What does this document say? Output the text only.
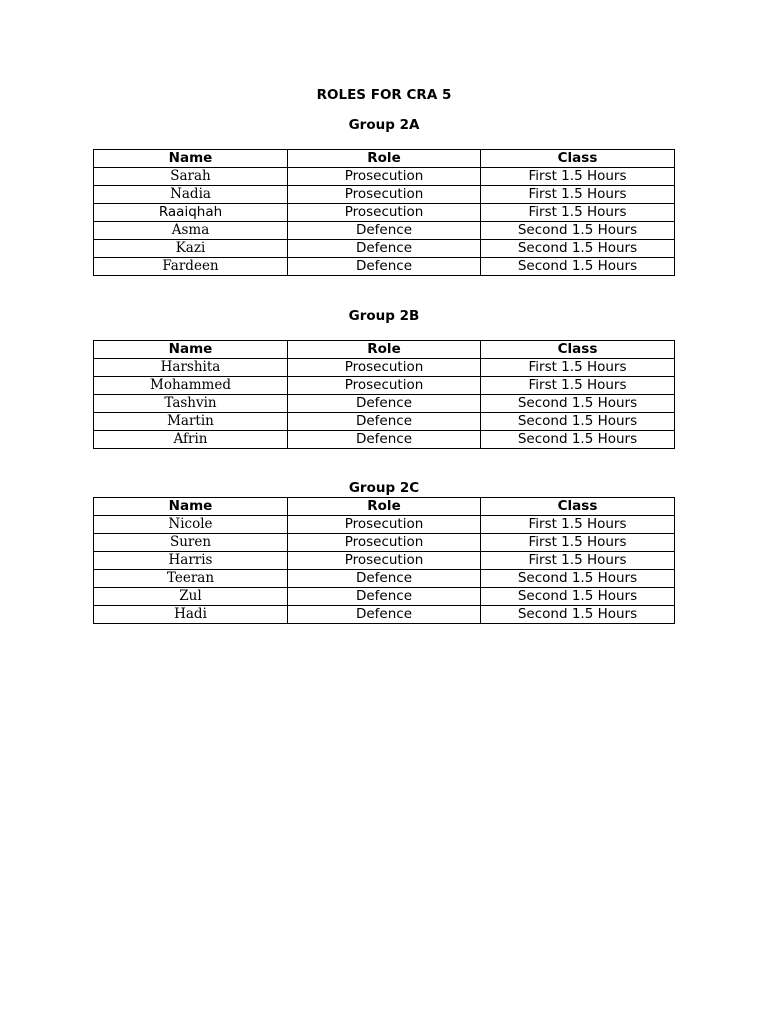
ROLES FOR CRA 5
Group 2A
Name	Role	Class
Sarah	Prosecution	First 1.5 Hours
Nadia	Prosecution	First 1.5 Hours
Raaiqhah	Prosecution	First 1.5 Hours
Asma	Defence	Second 1.5 Hours
Kazi	Defence	Second 1.5 Hours
Fardeen	Defence	Second 1.5 Hours
Group 2B
Name	Role	Class
Harshita	Prosecution	First 1.5 Hours
Mohammed	Prosecution	First 1.5 Hours
Tashvin	Defence	Second 1.5 Hours
Martin	Defence	Second 1.5 Hours
Afrin	Defence	Second 1.5 Hours
Group 2C
Name	Role	Class
Nicole	Prosecution	First 1.5 Hours
Suren	Prosecution	First 1.5 Hours
Harris	Prosecution	First 1.5 Hours
Teeran	Defence	Second 1.5 Hours
Zul	Defence	Second 1.5 Hours
Hadi	Defence	Second 1.5 Hours
